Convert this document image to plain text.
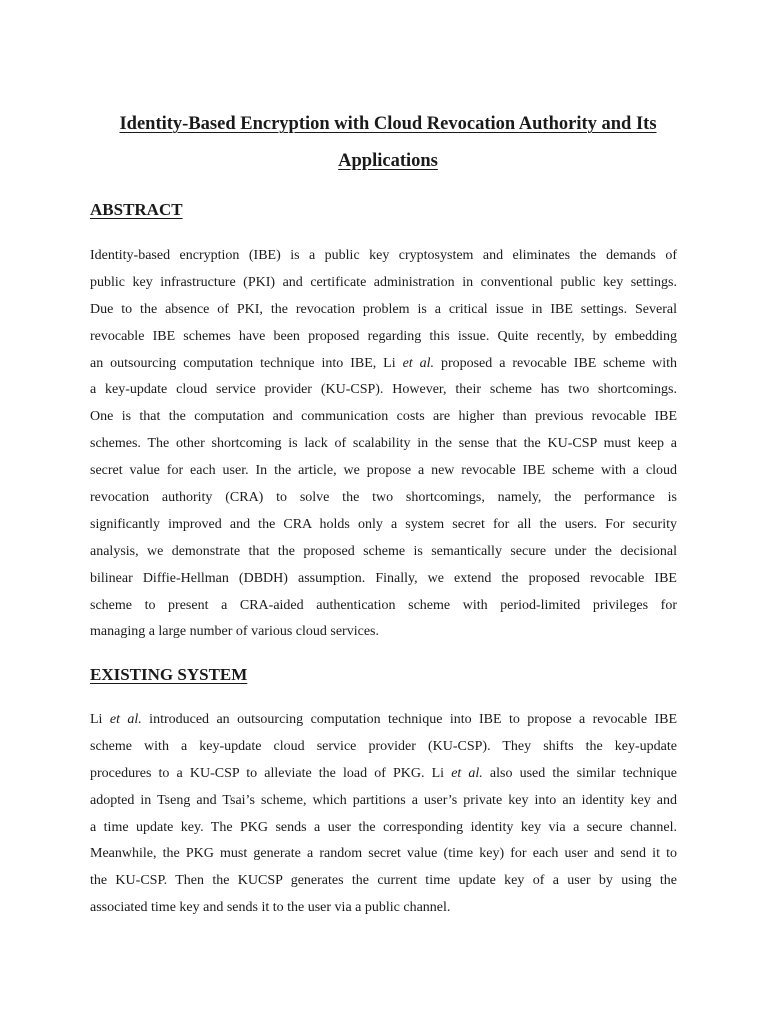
Identity-Based Encryption with Cloud Revocation Authority and Its
Applications
ABSTRACT
Identity-based encryption (IBE) is a public key cryptosystem and eliminates the demands of
public key infrastructure (PKI) and certificate administration in conventional public key settings.
Due to the absence of PKI, the revocation problem is a critical issue in IBE settings. Several
revocable IBE schemes have been proposed regarding this issue. Quite recently, by embedding
an outsourcing computation technique into IBE, Li et al. proposed a revocable IBE scheme with
a key-update cloud service provider (KU-CSP). However, their scheme has two shortcomings.
One is that the computation and communication costs are higher than previous revocable IBE
schemes. The other shortcoming is lack of scalability in the sense that the KU-CSP must keep a
secret value for each user. In the article, we propose a new revocable IBE scheme with a cloud
revocation authority (CRA) to solve the two shortcomings, namely, the performance is
significantly improved and the CRA holds only a system secret for all the users. For security
analysis, we demonstrate that the proposed scheme is semantically secure under the decisional
bilinear Diffie-Hellman (DBDH) assumption. Finally, we extend the proposed revocable IBE
scheme to present a CRA-aided authentication scheme with period-limited privileges for
managing a large number of various cloud services.
EXISTING SYSTEM
Li et al. introduced an outsourcing computation technique into IBE to propose a revocable IBE
scheme with a key-update cloud service provider (KU-CSP). They shifts the key-update
procedures to a KU-CSP to alleviate the load of PKG. Li et al. also used the similar technique
adopted in Tseng and Tsai’s scheme, which partitions a user’s private key into an identity key and
a time update key. The PKG sends a user the corresponding identity key via a secure channel.
Meanwhile, the PKG must generate a random secret value (time key) for each user and send it to
the KU-CSP. Then the KUCSP generates the current time update key of a user by using the
associated time key and sends it to the user via a public channel.
